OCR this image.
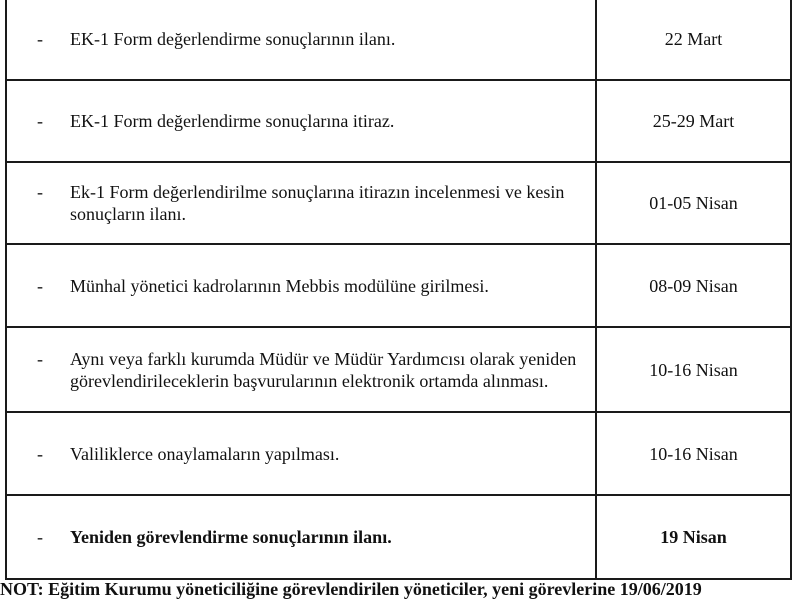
- EK-1 Form değerlendirme sonuçlarının ilanı.	22 Mart

- EK-1 Form değerlendirme sonuçlarına itiraz.	25-29 Mart

- Ek-1 Form değerlendirilme sonuçlarına itirazın incelenmesi ve kesin sonuçların ilanı.	01-05 Nisan

- Münhal yönetici kadrolarının Mebbis modülüne girilmesi.	08-09 Nisan

- Aynı veya farklı kurumda Müdür ve Müdür Yardımcısı olarak yeniden görevlendirileceklerin başvurularının elektronik ortamda alınması.	10-16 Nisan

- Valiliklerce onaylamaların yapılması.	10-16 Nisan

- Yeniden görevlendirme sonuçlarının ilanı.	19 Nisan
NOT: Eğitim Kurumu yöneticiliğine görevlendirilen yöneticiler, yeni görevlerine 19/06/2019
